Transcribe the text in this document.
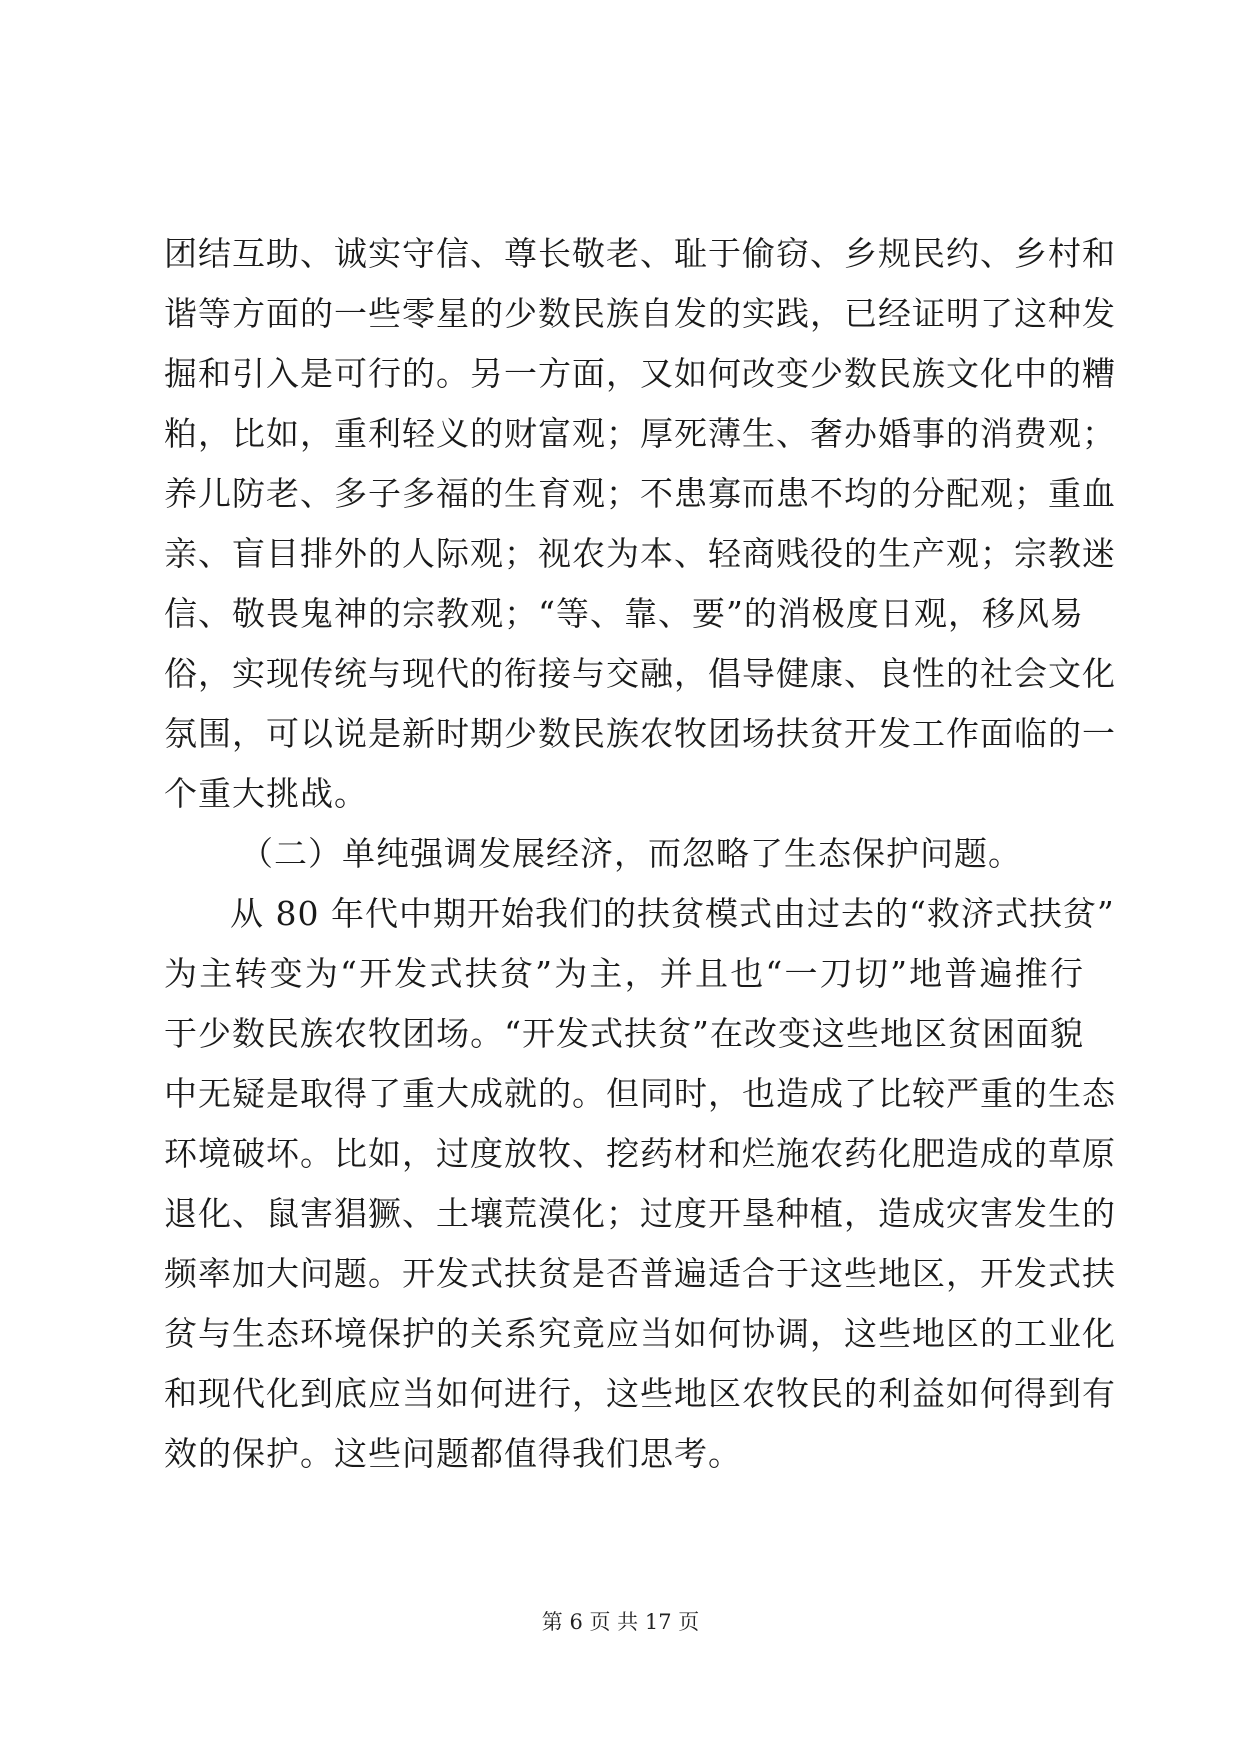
团结互助、诚实守信、尊长敬老、耻于偷窃、乡规民约、乡村和
谐等方面的一些零星的少数民族自发的实践，已经证明了这种发
掘和引入是可行的。另一方面，又如何改变少数民族文化中的糟
粕，比如，重利轻义的财富观；厚死薄生、奢办婚事的消费观；
养儿防老、多子多福的生育观；不患寡而患不均的分配观；重血
亲、盲目排外的人际观；视农为本、轻商贱役的生产观；宗教迷
信、敬畏鬼神的宗教观；“等、靠、要”的消极度日观，移风易
俗，实现传统与现代的衔接与交融，倡导健康、良性的社会文化
氛围，可以说是新时期少数民族农牧团场扶贫开发工作面临的一
个重大挑战。
（二）单纯强调发展经济，而忽略了生态保护问题。
从 80 年代中期开始我们的扶贫模式由过去的“救济式扶贫”
为主转变为“开发式扶贫”为主，并且也“一刀切”地普遍推行
于少数民族农牧团场。“开发式扶贫”在改变这些地区贫困面貌
中无疑是取得了重大成就的。但同时，也造成了比较严重的生态
环境破坏。比如，过度放牧、挖药材和烂施农药化肥造成的草原
退化、鼠害猖獗、土壤荒漠化；过度开垦种植，造成灾害发生的
频率加大问题。开发式扶贫是否普遍适合于这些地区，开发式扶
贫与生态环境保护的关系究竟应当如何协调，这些地区的工业化
和现代化到底应当如何进行，这些地区农牧民的利益如何得到有
效的保护。这些问题都值得我们思考。
第 6 页 共 17 页
